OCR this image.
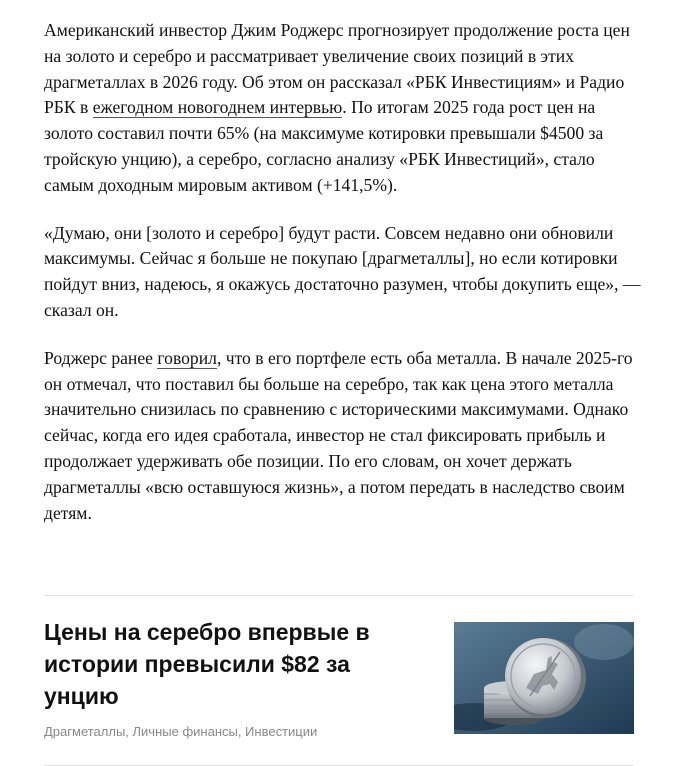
Американский инвестор Джим Роджерс прогнозирует продолжение роста цен на золото и серебро и рассматривает увеличение своих позиций в этих драгметаллах в 2026 году. Об этом он рассказал «РБК Инвестициям» и Радио РБК в ежегодном новогоднем интервью. По итогам 2025 года рост цен на золото составил почти 65% (на максимуме котировки превышали $4500 за тройскую унцию), а серебро, согласно анализу «РБК Инвестиций», стало самым доходным мировым активом (+141,5%).

«Думаю, они [золото и серебро] будут расти. Совсем недавно они обновили максимумы. Сейчас я больше не покупаю [драгметаллы], но если котировки пойдут вниз, надеюсь, я окажусь достаточно разумен, чтобы докупить еще», — сказал он.

Роджерс ранее говорил, что в его портфеле есть оба металла. В начале 2025-го он отмечал, что поставил бы больше на серебро, так как цена этого металла значительно снизилась по сравнению с историческими максимумами. Однако сейчас, когда его идея сработала, инвестор не стал фиксировать прибыль и продолжает удерживать обе позиции. По его словам, он хочет держать драгметаллы «всю оставшуюся жизнь», а потом передать в наследство своим детям.

Цены на серебро впервые в истории превысили $82 за унцию
Драгметаллы, Личные финансы, Инвестиции
